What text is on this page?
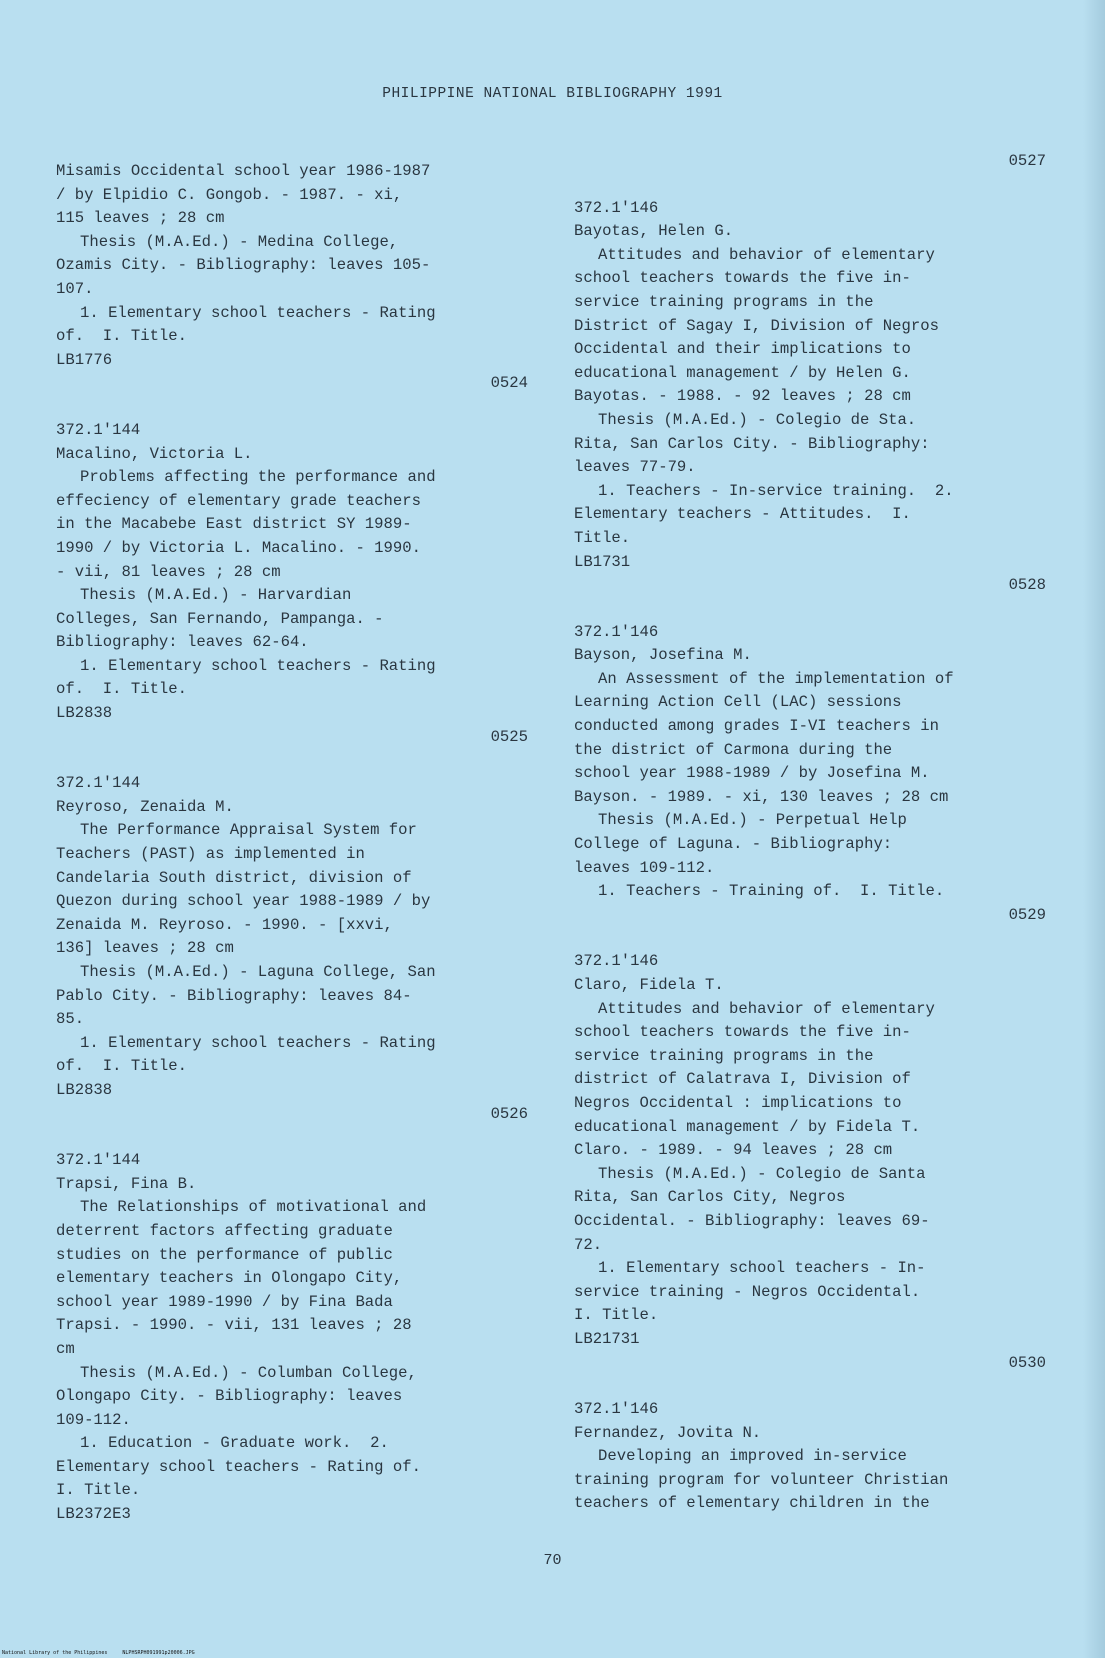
PHILIPPINE NATIONAL BIBLIOGRAPHY 1991
Misamis Occidental school year 1986-1987
/ by Elpidio C. Gongob. - 1987. - xi,
115 leaves ; 28 cm
Thesis (M.A.Ed.) - Medina College,
Ozamis City. - Bibliography: leaves 105-
107.
1. Elementary school teachers - Rating
of.  I. Title.
LB1776
0524
372.1'144
Macalino, Victoria L.
Problems affecting the performance and
effeciency of elementary grade teachers
in the Macabebe East district SY 1989-
1990 / by Victoria L. Macalino. - 1990.
- vii, 81 leaves ; 28 cm
Thesis (M.A.Ed.) - Harvardian
Colleges, San Fernando, Pampanga. -
Bibliography: leaves 62-64.
1. Elementary school teachers - Rating
of.  I. Title.
LB2838
0525
372.1'144
Reyroso, Zenaida M.
The Performance Appraisal System for
Teachers (PAST) as implemented in
Candelaria South district, division of
Quezon during school year 1988-1989 / by
Zenaida M. Reyroso. - 1990. - [xxvi,
136] leaves ; 28 cm
Thesis (M.A.Ed.) - Laguna College, San
Pablo City. - Bibliography: leaves 84-
85.
1. Elementary school teachers - Rating
of.  I. Title.
LB2838
0526
372.1'144
Trapsi, Fina B.
The Relationships of motivational and
deterrent factors affecting graduate
studies on the performance of public
elementary teachers in Olongapo City,
school year 1989-1990 / by Fina Bada
Trapsi. - 1990. - vii, 131 leaves ; 28
cm
Thesis (M.A.Ed.) - Columban College,
Olongapo City. - Bibliography: leaves
109-112.
1. Education - Graduate work.  2.
Elementary school teachers - Rating of.
I. Title.
LB2372E3
0527
372.1'146
Bayotas, Helen G.
Attitudes and behavior of elementary
school teachers towards the five in-
service training programs in the
District of Sagay I, Division of Negros
Occidental and their implications to
educational management / by Helen G.
Bayotas. - 1988. - 92 leaves ; 28 cm
Thesis (M.A.Ed.) - Colegio de Sta.
Rita, San Carlos City. - Bibliography:
leaves 77-79.
1. Teachers - In-service training.  2.
Elementary teachers - Attitudes.  I.
Title.
LB1731
0528
372.1'146
Bayson, Josefina M.
An Assessment of the implementation of
Learning Action Cell (LAC) sessions
conducted among grades I-VI teachers in
the district of Carmona during the
school year 1988-1989 / by Josefina M.
Bayson. - 1989. - xi, 130 leaves ; 28 cm
Thesis (M.A.Ed.) - Perpetual Help
College of Laguna. - Bibliography:
leaves 109-112.
1. Teachers - Training of.  I. Title.
0529
372.1'146
Claro, Fidela T.
Attitudes and behavior of elementary
school teachers towards the five in-
service training programs in the
district of Calatrava I, Division of
Negros Occidental : implications to
educational management / by Fidela T.
Claro. - 1989. - 94 leaves ; 28 cm
Thesis (M.A.Ed.) - Colegio de Santa
Rita, San Carlos City, Negros
Occidental. - Bibliography: leaves 69-
72.
1. Elementary school teachers - In-
service training - Negros Occidental.
I. Title.
LB21731
0530
372.1'146
Fernandez, Jovita N.
Developing an improved in-service
training program for volunteer Christian
teachers of elementary children in the
70
National Library of the Philippines     NLPHSRPH091991p20006.JPG
